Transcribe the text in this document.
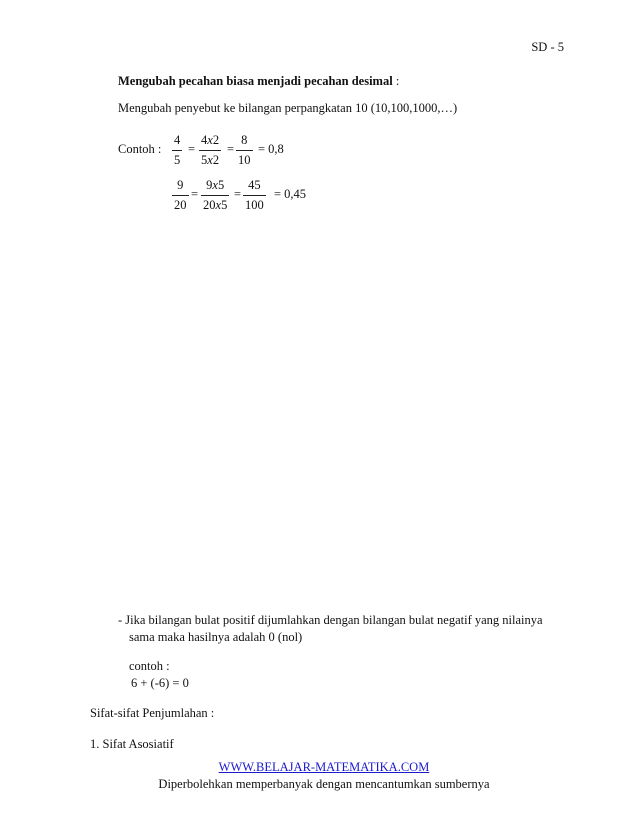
SD - 5
Mengubah pecahan biasa menjadi pecahan desimal :
Mengubah penyebut ke bilangan perpangkatan 10 (10,100,1000,…)
Contoh :
4
5
=
4x2
5x2
=
8
10
= 0,8
9
20
=
9x5
20x5
=
45
100
= 0,45
- Jika bilangan bulat positif dijumlahkan dengan bilangan bulat negatif yang nilainya
sama maka hasilnya adalah 0 (nol)
contoh :
6 + (-6) = 0
Sifat-sifat Penjumlahan :
1. Sifat Asosiatif
WWW.BELAJAR-MATEMATIKA.COM
Diperbolehkan memperbanyak dengan mencantumkan sumbernya
